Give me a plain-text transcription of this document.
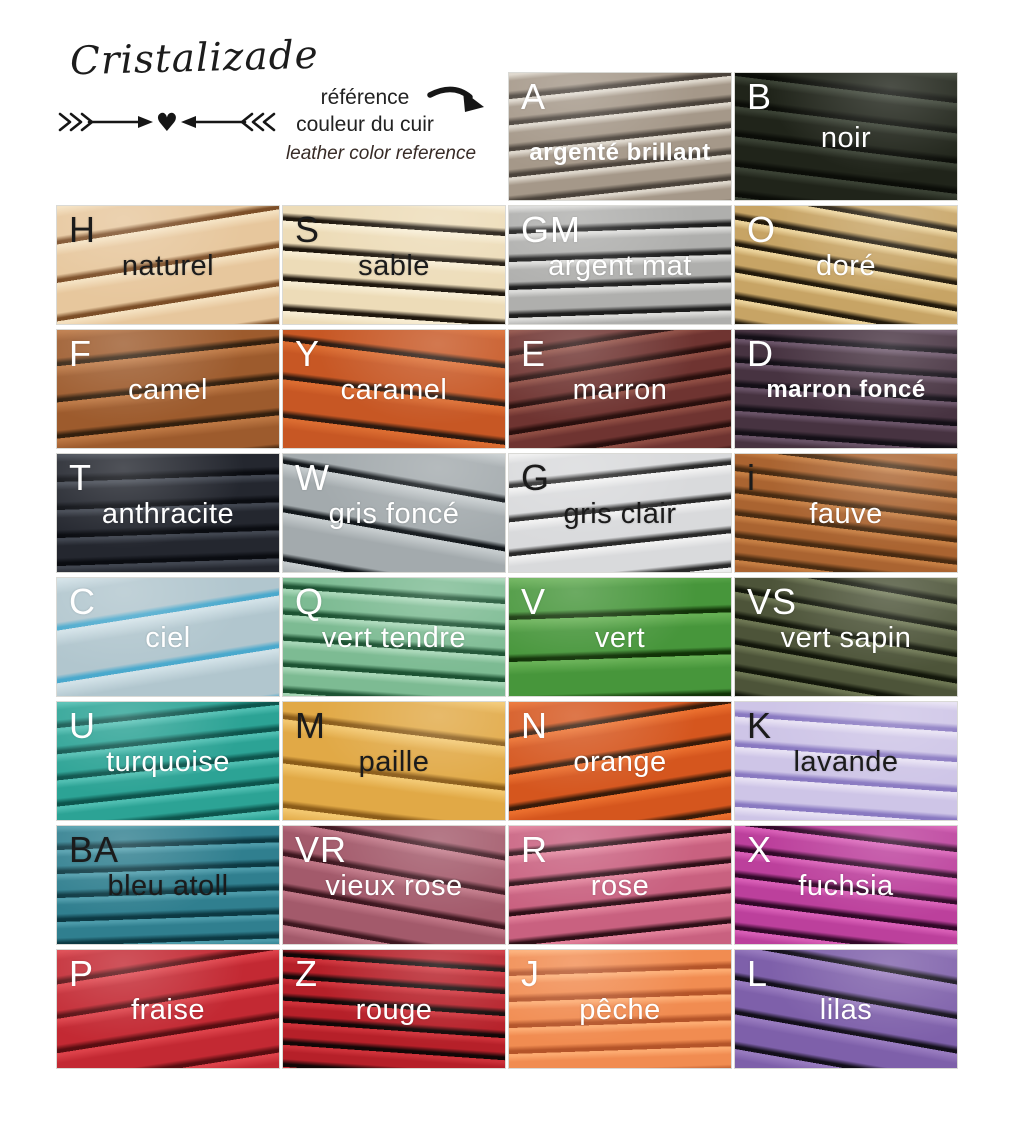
Cristalizade
♥
référence
couleur du cuir
leather color reference
A
argenté brillant
B
noir
H
naturel
S
sable
GM
argent mat
O
doré
F
camel
Y
caramel
E
marron
D
marron foncé
T
anthracite
W
gris foncé
G
gris clair
i
fauve
C
ciel
Q
vert tendre
V
vert
VS
vert sapin
U
turquoise
M
paille
N
orange
K
lavande
BA
bleu atoll
VR
vieux rose
R
rose
X
fuchsia
P
fraise
Z
rouge
J
pêche
L
lilas
